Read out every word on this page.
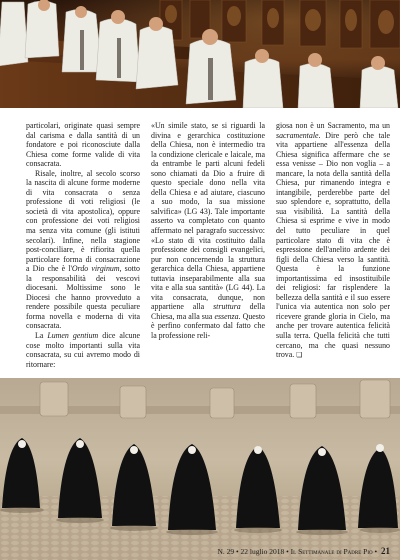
particolari, originate quasi sempre dal carisma e dalla santità di un fondatore e poi riconosciute dalla Chiesa come forme valide di vita consacrata.

Risale, inoltre, al secolo scorso la nascita di alcune forme moderne di vita consacrata o senza professione di voti religiosi (le società di vita apostolica), oppure con professione dei voti religiosi ma senza vita comune (gli istituti secolari). Infine, nella stagione post-conciliare, è rifiorita quella particolare forma di consacrazione a Dio che è l'Ordo virginum, sotto la responsabilità dei vescovi diocesani. Moltissime sono le Diocesi che hanno provveduto a rendere possibile questa peculiare forma novella e moderna di vita consacrata.

La Lumen gentium dice alcune cose molto importanti sulla vita consacrata, su cui avremo modo di ritornare:

«Un simile stato, se si riguardi la divina e gerarchica costituzione della Chiesa, non è intermedio tra la condizione clericale e laicale, ma da entrambe le parti alcuni fedeli sono chiamati da Dio a fruire di questo speciale dono nella vita della Chiesa e ad aiutare, ciascuno a suo modo, la sua missione salvifica» (LG 43). Tale importante asserto va completato con quanto affermato nel paragrafo successivo: «Lo stato di vita costituito dalla professione dei consigli evangelici, pur non concernendo la struttura gerarchica della Chiesa, appartiene tuttavia inseparabilmente alla sua vita e alla sua santità» (LG 44). La vita consacrata, dunque, non appartiene alla struttura della Chiesa, ma alla sua essenza. Questo è perfino confermato dal fatto che la professione reli-

giosa non è un Sacramento, ma un sacramentale. Dire però che tale vita appartiene all'essenza della Chiesa significa affermare che se essa venisse – Dio non voglia – a mancare, la nota della santità della Chiesa, pur rimanendo integra e intangibile, perderebbe parte del suo splendore e, soprattutto, della sua visibilità. La santità della Chiesa si esprime e vive in modo del tutto peculiare in quel particolare stato di vita che è espressione dell'anelito ardente dei figli della Chiesa verso la santità. Questa è la funzione importantissima ed insostituibile dei religiosi: far risplendere la bellezza della santità e il suo essere l'unica via autentica non solo per ricevere grande gloria in Cielo, ma anche per trovare autentica felicità sulla terra. Quella felicità che tutti cercano, ma che quasi nessuno trova. ❏

N. 29 • 22 luglio 2018 • Il Settimanale di Padre Pio • 21
